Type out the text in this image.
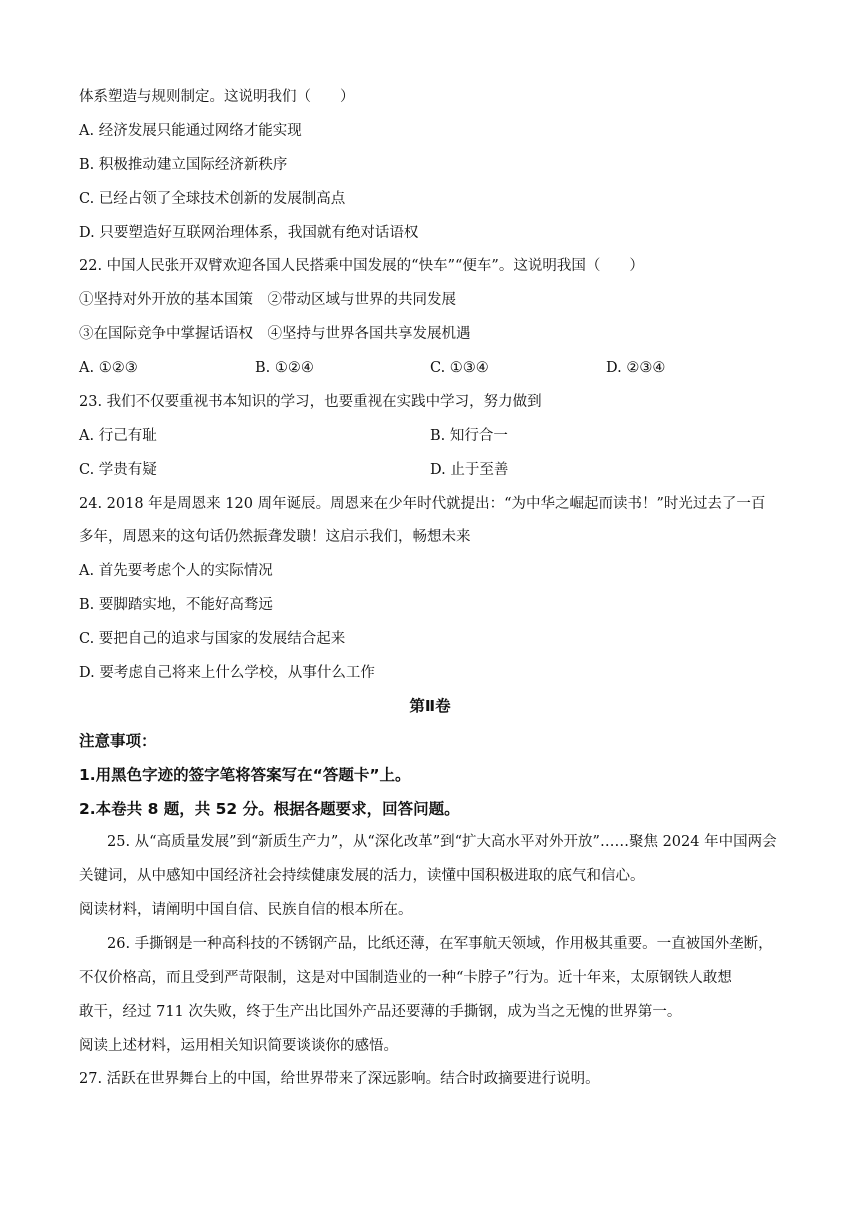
体系塑造与规则制定。这说明我们（　　）
A. 经济发展只能通过网络才能实现
B. 积极推动建立国际经济新秩序
C. 已经占领了全球技术创新的发展制高点
D. 只要塑造好互联网治理体系，我国就有绝对话语权
22. 中国人民张开双臂欢迎各国人民搭乘中国发展的“快车”“便车”。这说明我国（　　）
①坚持对外开放的基本国策　②带动区域与世界的共同发展
③在国际竞争中掌握话语权　④坚持与世界各国共享发展机遇
A. ①②③	B. ①②④	C. ①③④	D. ②③④
23. 我们不仅要重视书本知识的学习，也要重视在实践中学习，努力做到
A. 行己有耻	B. 知行合一
C. 学贵有疑	D. 止于至善
24. 2018 年是周恩来 120 周年诞辰。周恩来在少年时代就提出：“为中华之崛起而读书！”时光过去了一百
多年，周恩来的这句话仍然振聋发聩！这启示我们，畅想未来
A. 首先要考虑个人的实际情况
B. 要脚踏实地，不能好高骛远
C. 要把自己的追求与国家的发展结合起来
D. 要考虑自己将来上什么学校，从事什么工作
第Ⅱ卷
注意事项：
1.用黑色字迹的签字笔将答案写在“答题卡”上。
2.本卷共 8 题，共 52 分。根据各题要求，回答问题。
25. 从“高质量发展”到“新质生产力”，从“深化改革”到“扩大高水平对外开放”……聚焦 2024 年中国两会
关键词，从中感知中国经济社会持续健康发展的活力，读懂中国积极进取的底气和信心。
阅读材料，请阐明中国自信、民族自信的根本所在。
26. 手撕钢是一种高科技的不锈钢产品，比纸还薄，在军事航天领域，作用极其重要。一直被国外垄断，
不仅价格高，而且受到严苛限制，这是对中国制造业的一种“卡脖子”行为。近十年来，太原钢铁人敢想
敢干，经过 711 次失败，终于生产出比国外产品还要薄的手撕钢，成为当之无愧的世界第一。
阅读上述材料，运用相关知识简要谈谈你的感悟。
27. 活跃在世界舞台上的中国，给世界带来了深远影响。结合时政摘要进行说明。
